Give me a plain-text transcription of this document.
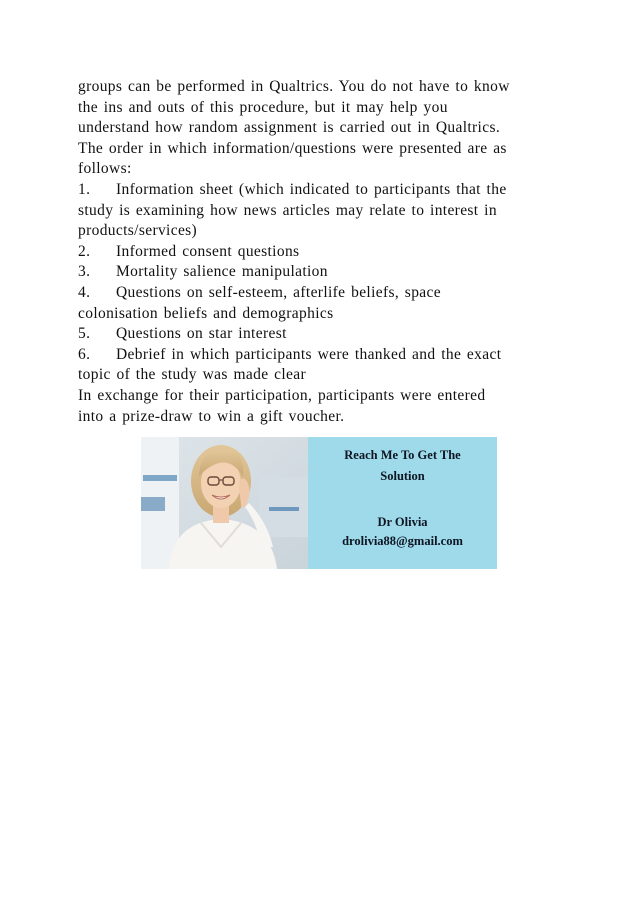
groups can be performed in Qualtrics. You do not have to know
the ins and outs of this procedure, but it may help you
understand how random assignment is carried out in Qualtrics.
The order in which information/questions were presented are as
follows:
1. Information sheet (which indicated to participants that the
study is examining how news articles may relate to interest in
products/services)
2. Informed consent questions
3. Mortality salience manipulation
4. Questions on self-esteem, afterlife beliefs, space
colonisation beliefs and demographics
5. Questions on star interest
6. Debrief in which participants were thanked and the exact
topic of the study was made clear
In exchange for their participation, participants were entered
into a prize-draw to win a gift voucher.
Reach Me To Get The
Solution
Dr Olivia
drolivia88@gmail.com
